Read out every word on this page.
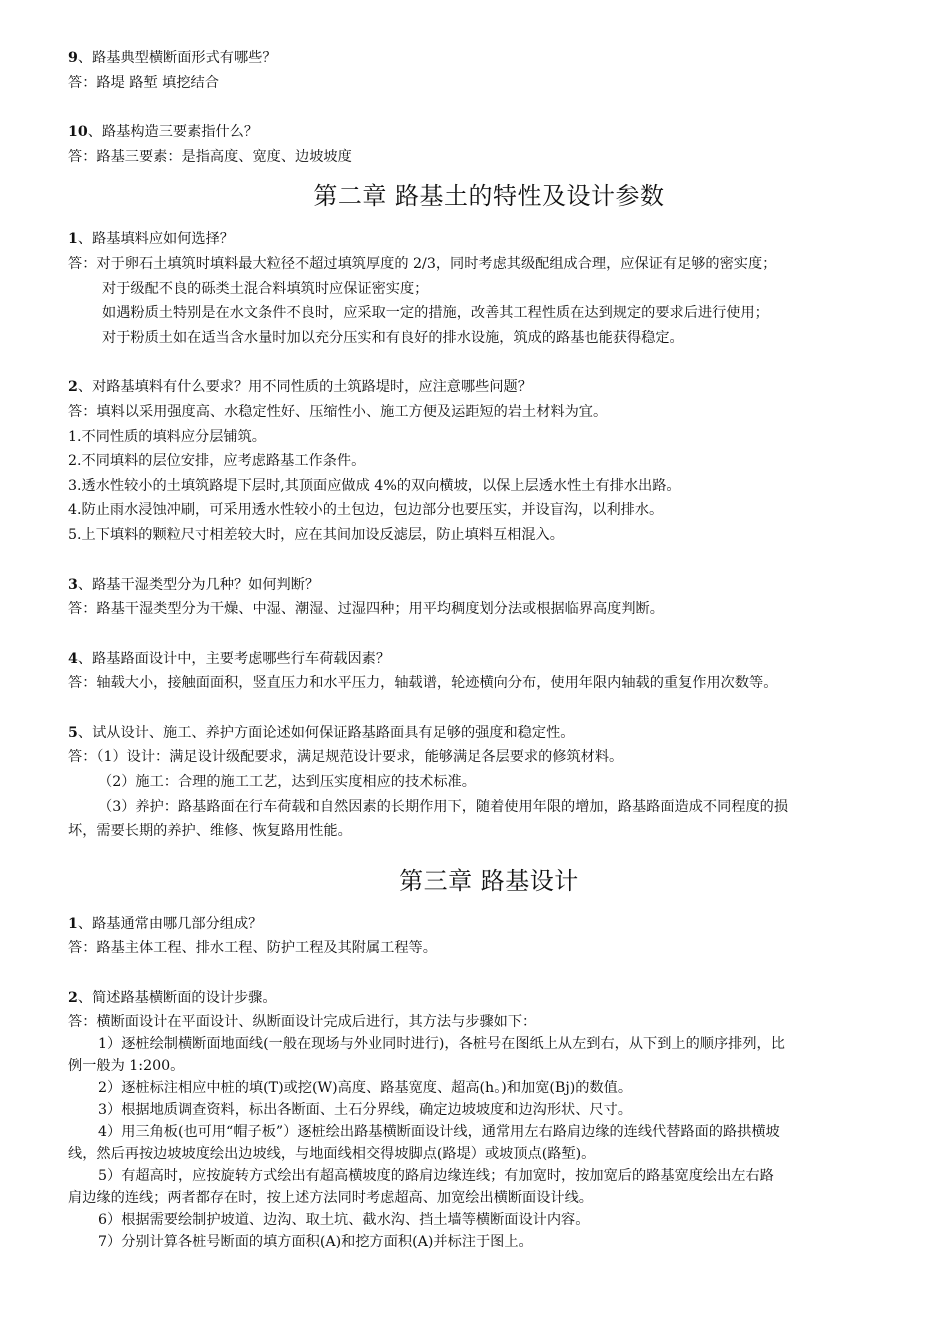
9、路基典型横断面形式有哪些？
答：路堤 路堑 填挖结合
10、路基构造三要素指什么？
答：路基三要素：是指高度、宽度、边坡坡度
第二章 路基土的特性及设计参数
1、路基填料应如何选择？
答：对于卵石土填筑时填料最大粒径不超过填筑厚度的 2/3，同时考虑其级配组成合理，应保证有足够的密实度；
对于级配不良的砾类土混合料填筑时应保证密实度；
如遇粉质土特别是在水文条件不良时，应采取一定的措施，改善其工程性质在达到规定的要求后进行使用；
对于粉质土如在适当含水量时加以充分压实和有良好的排水设施，筑成的路基也能获得稳定。
2、对路基填料有什么要求？用不同性质的土筑路堤时，应注意哪些问题？
答：填料以采用强度高、水稳定性好、压缩性小、施工方便及运距短的岩土材料为宜。
1.不同性质的填料应分层铺筑。
2.不同填料的层位安排，应考虑路基工作条件。
3.透水性较小的土填筑路堤下层时,其顶面应做成 4%的双向横坡，以保上层透水性土有排水出路。
4.防止雨水浸蚀冲刷，可采用透水性较小的土包边，包边部分也要压实，并设盲沟，以利排水。
5.上下填料的颗粒尺寸相差较大时，应在其间加设反滤层，防止填料互相混入。
3、路基干湿类型分为几种？如何判断？
答：路基干湿类型分为干燥、中湿、潮湿、过湿四种；用平均稠度划分法或根据临界高度判断。
4、路基路面设计中，主要考虑哪些行车荷载因素？
答：轴载大小，接触面面积，竖直压力和水平压力，轴载谱，轮迹横向分布，使用年限内轴载的重复作用次数等。
5、试从设计、施工、养护方面论述如何保证路基路面具有足够的强度和稳定性。
答：（1）设计：满足设计级配要求，满足规范设计要求，能够满足各层要求的修筑材料。
（2）施工：合理的施工工艺，达到压实度相应的技术标准。
（3）养护：路基路面在行车荷载和自然因素的长期作用下，随着使用年限的增加，路基路面造成不同程度的损
坏，需要长期的养护、维修、恢复路用性能。
第三章 路基设计
1、路基通常由哪几部分组成？
答：路基主体工程、排水工程、防护工程及其附属工程等。
2、简述路基横断面的设计步骤。
答：横断面设计在平面设计、纵断面设计完成后进行，其方法与步骤如下：
1）逐桩绘制横断面地面线(一般在现场与外业同时进行)，各桩号在图纸上从左到右，从下到上的顺序排列，比
例一般为 1:200。
2）逐桩标注相应中桩的填(T)或挖(W)高度、路基宽度、超高(h。)和加宽(Bj)的数值。
3）根据地质调查资料，标出各断面、土石分界线，确定边坡坡度和边沟形状、尺寸。
4）用三角板(也可用“帽子板”）逐桩绘出路基横断面设计线，通常用左右路肩边缘的连线代替路面的路拱横坡
线，然后再按边坡坡度绘出边坡线，与地面线相交得坡脚点(路堤）或坡顶点(路堑)。
5）有超高时，应按旋转方式绘出有超高横坡度的路肩边缘连线；有加宽时，按加宽后的路基宽度绘出左右路
肩边缘的连线；两者都存在时，按上述方法同时考虑超高、加宽绘出横断面设计线。
6）根据需要绘制护坡道、边沟、取土坑、截水沟、挡土墙等横断面设计内容。
7）分别计算各桩号断面的填方面积(A)和挖方面积(A)并标注于图上。
